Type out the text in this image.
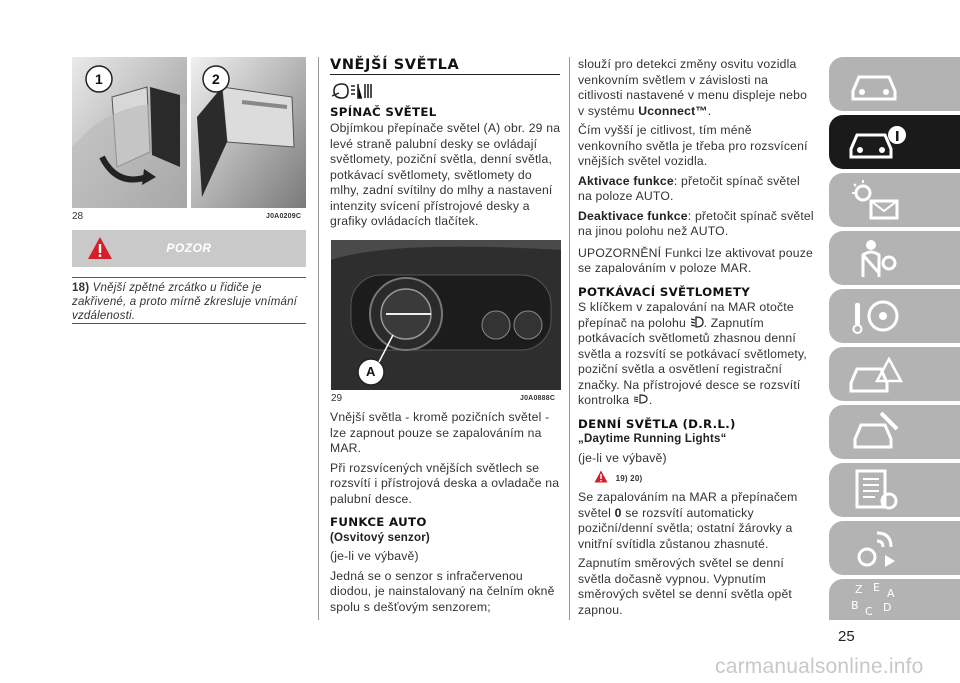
1	2
28	J0A0209C
POZOR
18) Vnější zpětné zrcátko u řidiče je zakřivené, a proto mírně zkresluje vnímání vzdálenosti.
VNĚJŠÍ SVĚTLA
SPÍNAČ SVĚTEL

Objímkou přepínače světel (A) obr. 29 na levé straně palubní desky se ovládají světlomety, poziční světla, denní světla, potkávací světlomety, světlomety do mlhy, zadní svítilny do mlhy a nastavení intenzity svícení přístrojové desky a grafiky ovládacích tlačítek.

A
29	J0A0888C

Vnější světla - kromě pozičních světel - lze zapnout pouze se zapalováním na MAR.

Při rozsvícených vnějších světlech se rozsvítí i přístrojová deska a ovladače na palubní desce.

FUNKCE AUTO
(Osvitový senzor)

(je-li ve výbavě)

Jedná se o senzor s infračervenou diodou, je nainstalovaný na čelním okně spolu s dešťovým senzorem;

slouží pro detekci změny osvitu vozidla venkovním světlem v závislosti na citlivosti nastavené v menu displeje nebo v systému Uconnect™.

Čím vyšší je citlivost, tím méně venkovního světla je třeba pro rozsvícení vnějších světel vozidla.

Aktivace funkce: přetočit spínač světel na poloze AUTO.

Deaktivace funkce: přetočit spínač světel na jinou polohu než AUTO.

UPOZORNĚNÍ Funkci lze aktivovat pouze se zapalováním v poloze MAR.

POTKÁVACÍ SVĚTLOMETY

S klíčkem v zapalování na MAR otočte přepínač na polohu . Zapnutím potkávacích světlometů zhasnou denní světla a rozsvítí se potkávací světlomety, poziční světla a osvětlení registrační značky. Na přístrojové desce se rozsvítí kontrolka .

DENNÍ SVĚTLA (D.R.L.)
„Daytime Running Lights“

(je-li ve výbavě)

19) 20)

Se zapalováním na MAR a přepínačem světel 0 se rozsvítí automaticky poziční/denní světla; ostatní žárovky a vnitřní svítidla zůstanou zhasnuté.

Zapnutím směrových světel se denní světla dočasně vypnou. Vypnutím směrových světel se denní světla opět zapnou.

Z E
B C D
A
25
carmanualsonline.info
